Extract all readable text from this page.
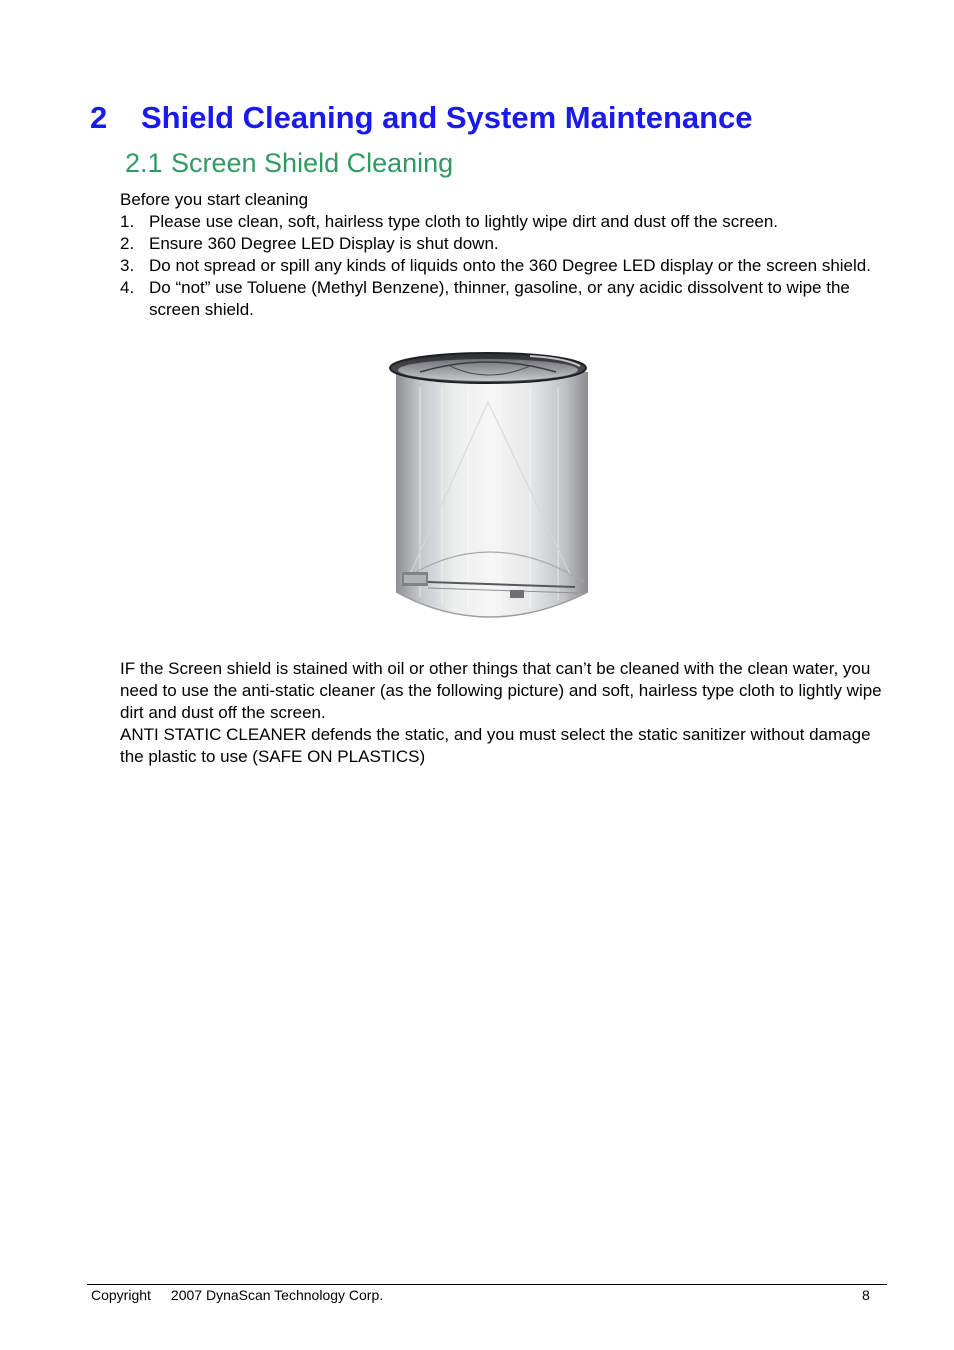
2 Shield Cleaning and System Maintenance
2.1 Screen Shield Cleaning
Before you start cleaning
1. Please use clean, soft, hairless type cloth to lightly wipe dirt and dust off the screen.
2. Ensure 360 Degree LED Display is shut down.
3. Do not spread or spill any kinds of liquids onto the 360 Degree LED display or the screen shield.
4. Do “not” use Toluene (Methyl Benzene), thinner, gasoline, or any acidic dissolvent to wipe the screen shield.

IF the Screen shield is stained with oil or other things that can’t be cleaned with the clean water, you need to use the anti-static cleaner (as the following picture) and soft, hairless type cloth to lightly wipe dirt and dust off the screen.

ANTI STATIC CLEANER defends the static, and you must select the static sanitizer without damage the plastic to use (SAFE ON PLASTICS)

Copyright 2007 DynaScan Technology Corp.	8
